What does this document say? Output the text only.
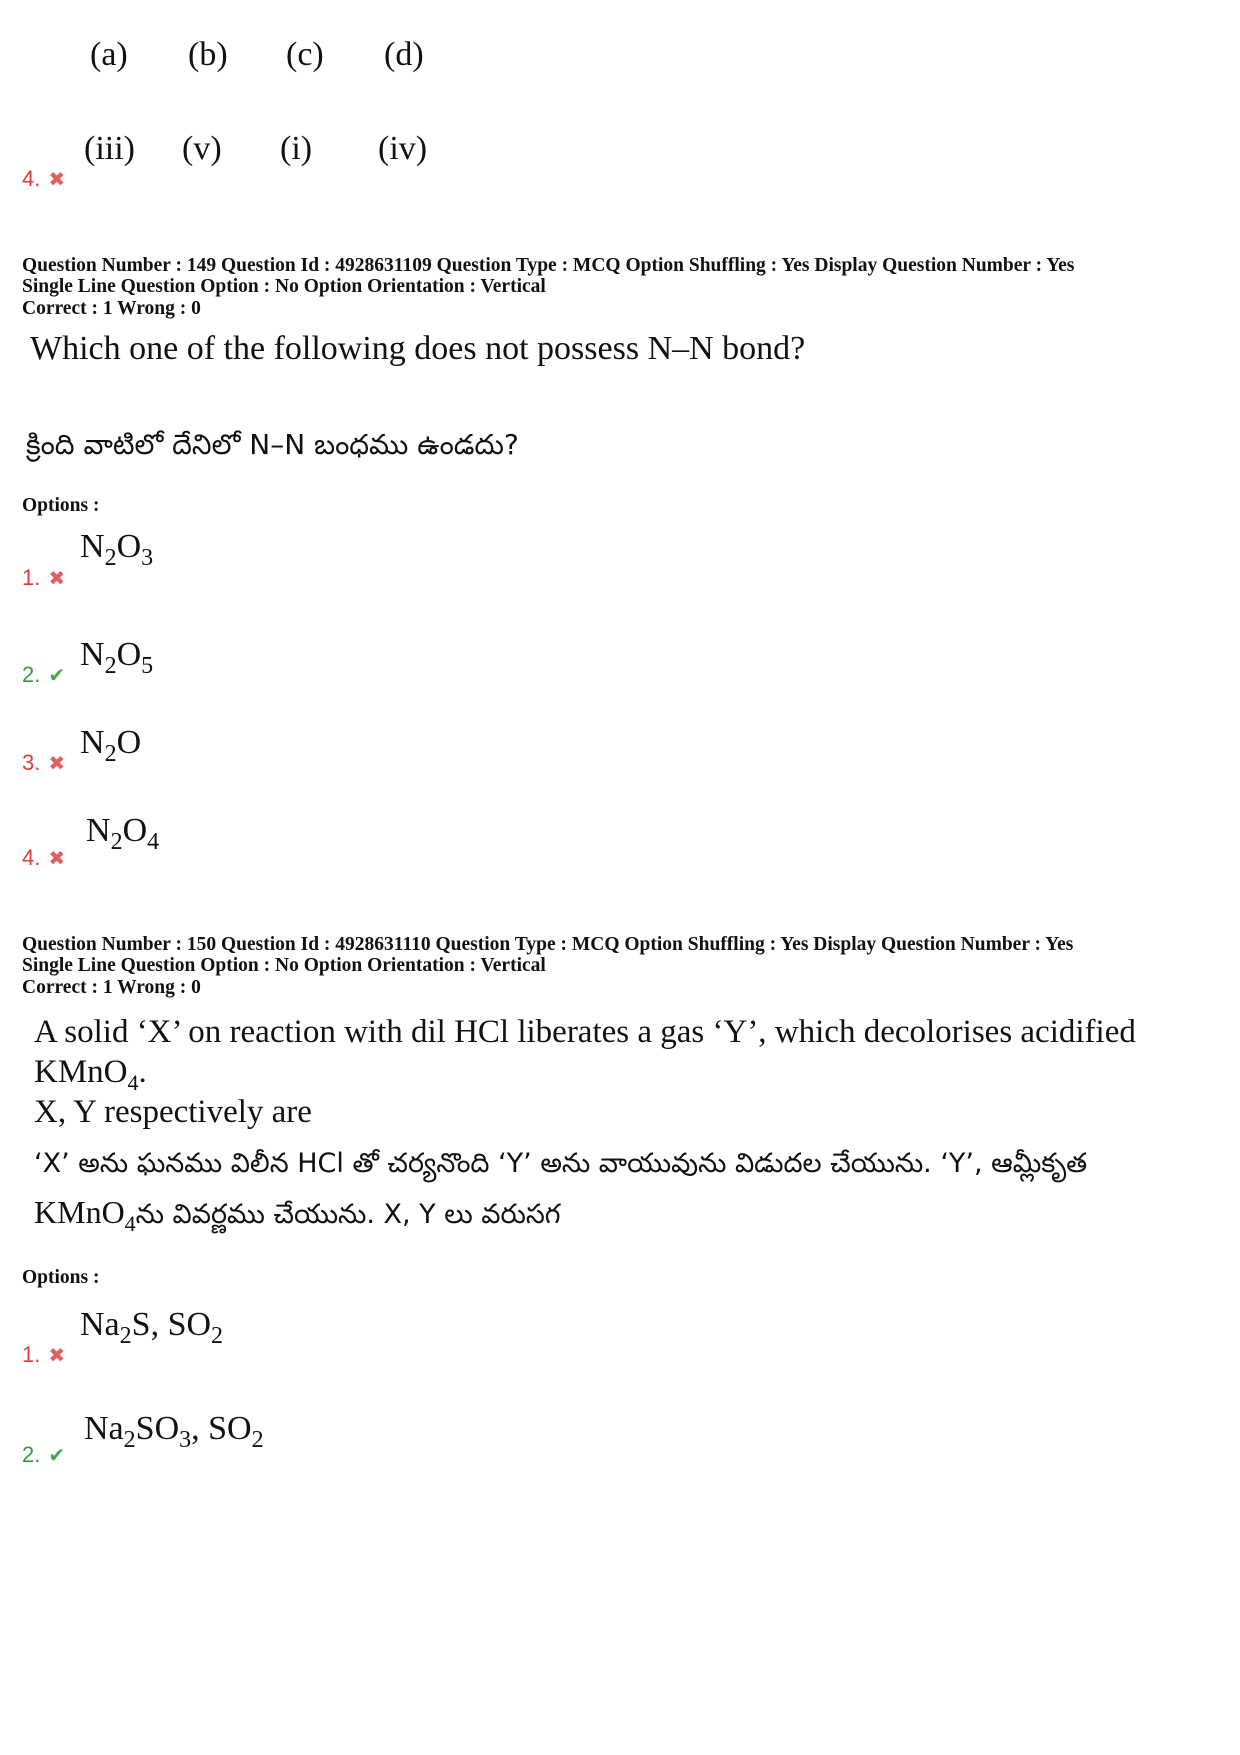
(a)	(b)	(c)	(d)
(iii)	(v)	(i)	(iv)
4. ✖
Question Number : 149 Question Id : 4928631109 Question Type : MCQ Option Shuffling : Yes Display Question Number : Yes
Single Line Question Option : No Option Orientation : Vertical
Correct : 1 Wrong : 0
Which one of the following does not possess N–N bond?
క్రింది వాటిలో దేనిలో N–N బంధము ఉండదు?
Options :
1. ✖
$N_2O_3$
2. ✔
$N_2O_5$
3. ✖
$N_2O$
4. ✖
$N_2O_4$
Question Number : 150 Question Id : 4928631110 Question Type : MCQ Option Shuffling : Yes Display Question Number : Yes
Single Line Question Option : No Option Orientation : Vertical
Correct : 1 Wrong : 0
A solid ‘X’ on reaction with dil HCl liberates a gas ‘Y’, which decolorises acidified KMnO$_4$.
X, Y respectively are
‘X’ అను ఘనము విలీన HCl తో చర్యనొంది ‘Y’ అను వాయువును విడుదల చేయును. ‘Y’, ఆమ్లీకృత
KMnO$_4$ను వివర్ణము చేయును. X, Y లు వరుసగ
Options :
1. ✖
$Na_2S$, $SO_2$
2. ✔
$Na_2SO_3$, $SO_2$
